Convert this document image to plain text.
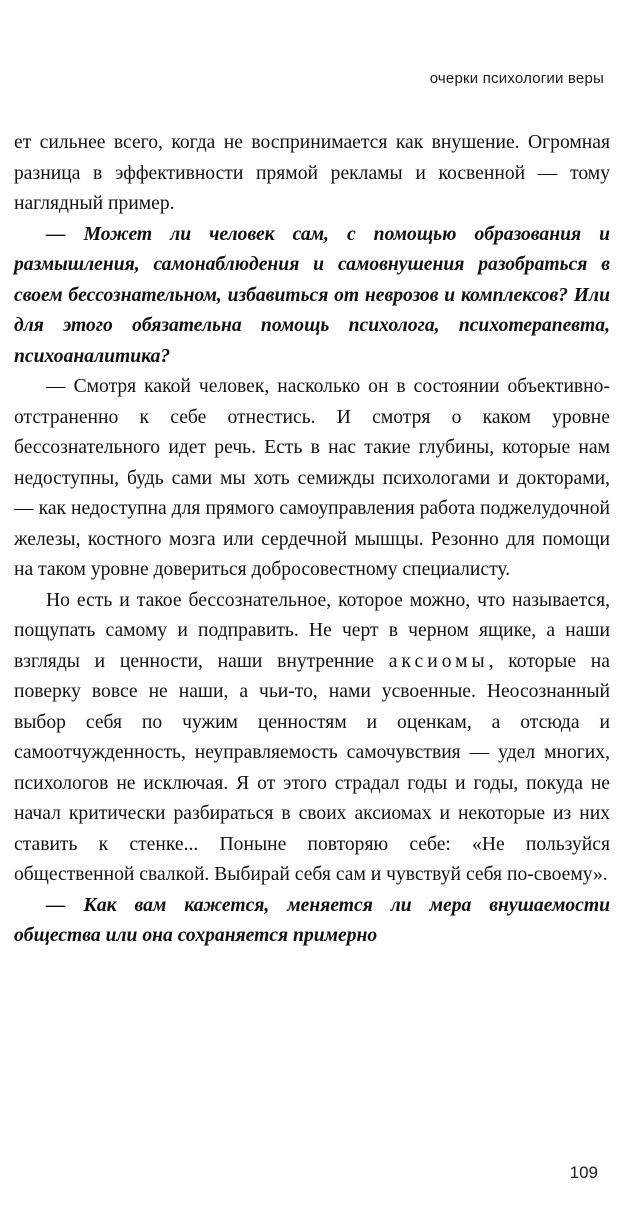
очерки психологии веры

ет сильнее всего, когда не воспринимается как внушение. Огромная разница в эффективности прямой рекламы и косвенной — тому наглядный пример.

— Может ли человек сам, с помощью образования и размышления, самонаблюдения и самовнушения разобраться в своем бессознательном, избавиться от неврозов и комплексов? Или для этого обязательна помощь психолога, психотерапевта, психоаналитика?

— Смотря какой человек, насколько он в состоянии объективно-отстраненно к себе отнестись. И смотря о каком уровне бессознательного идет речь. Есть в нас такие глубины, которые нам недоступны, будь сами мы хоть семижды психологами и докторами, — как недоступна для прямого самоуправления работа поджелудочной железы, костного мозга или сердечной мышцы. Резонно для помощи на таком уровне довериться добросовестному специалисту.

Но есть и такое бессознательное, которое можно, что называется, пощупать самому и подправить. Не черт в черном ящике, а наши взгляды и ценности, наши внутренние аксиомы, которые на поверку вовсе не наши, а чьи-то, нами усвоенные. Неосознанный выбор себя по чужим ценностям и оценкам, а отсюда и самоотчужденность, неуправляемость самочувствия — удел многих, психологов не исключая. Я от этого страдал годы и годы, покуда не начал критически разбираться в своих аксиомах и некоторые из них ставить к стенке... Поныне повторяю себе: «Не пользуйся общественной свалкой. Выбирай себя сам и чувствуй себя по-своему».

— Как вам кажется, меняется ли мера внушаемости общества или она сохраняется примерно

109
